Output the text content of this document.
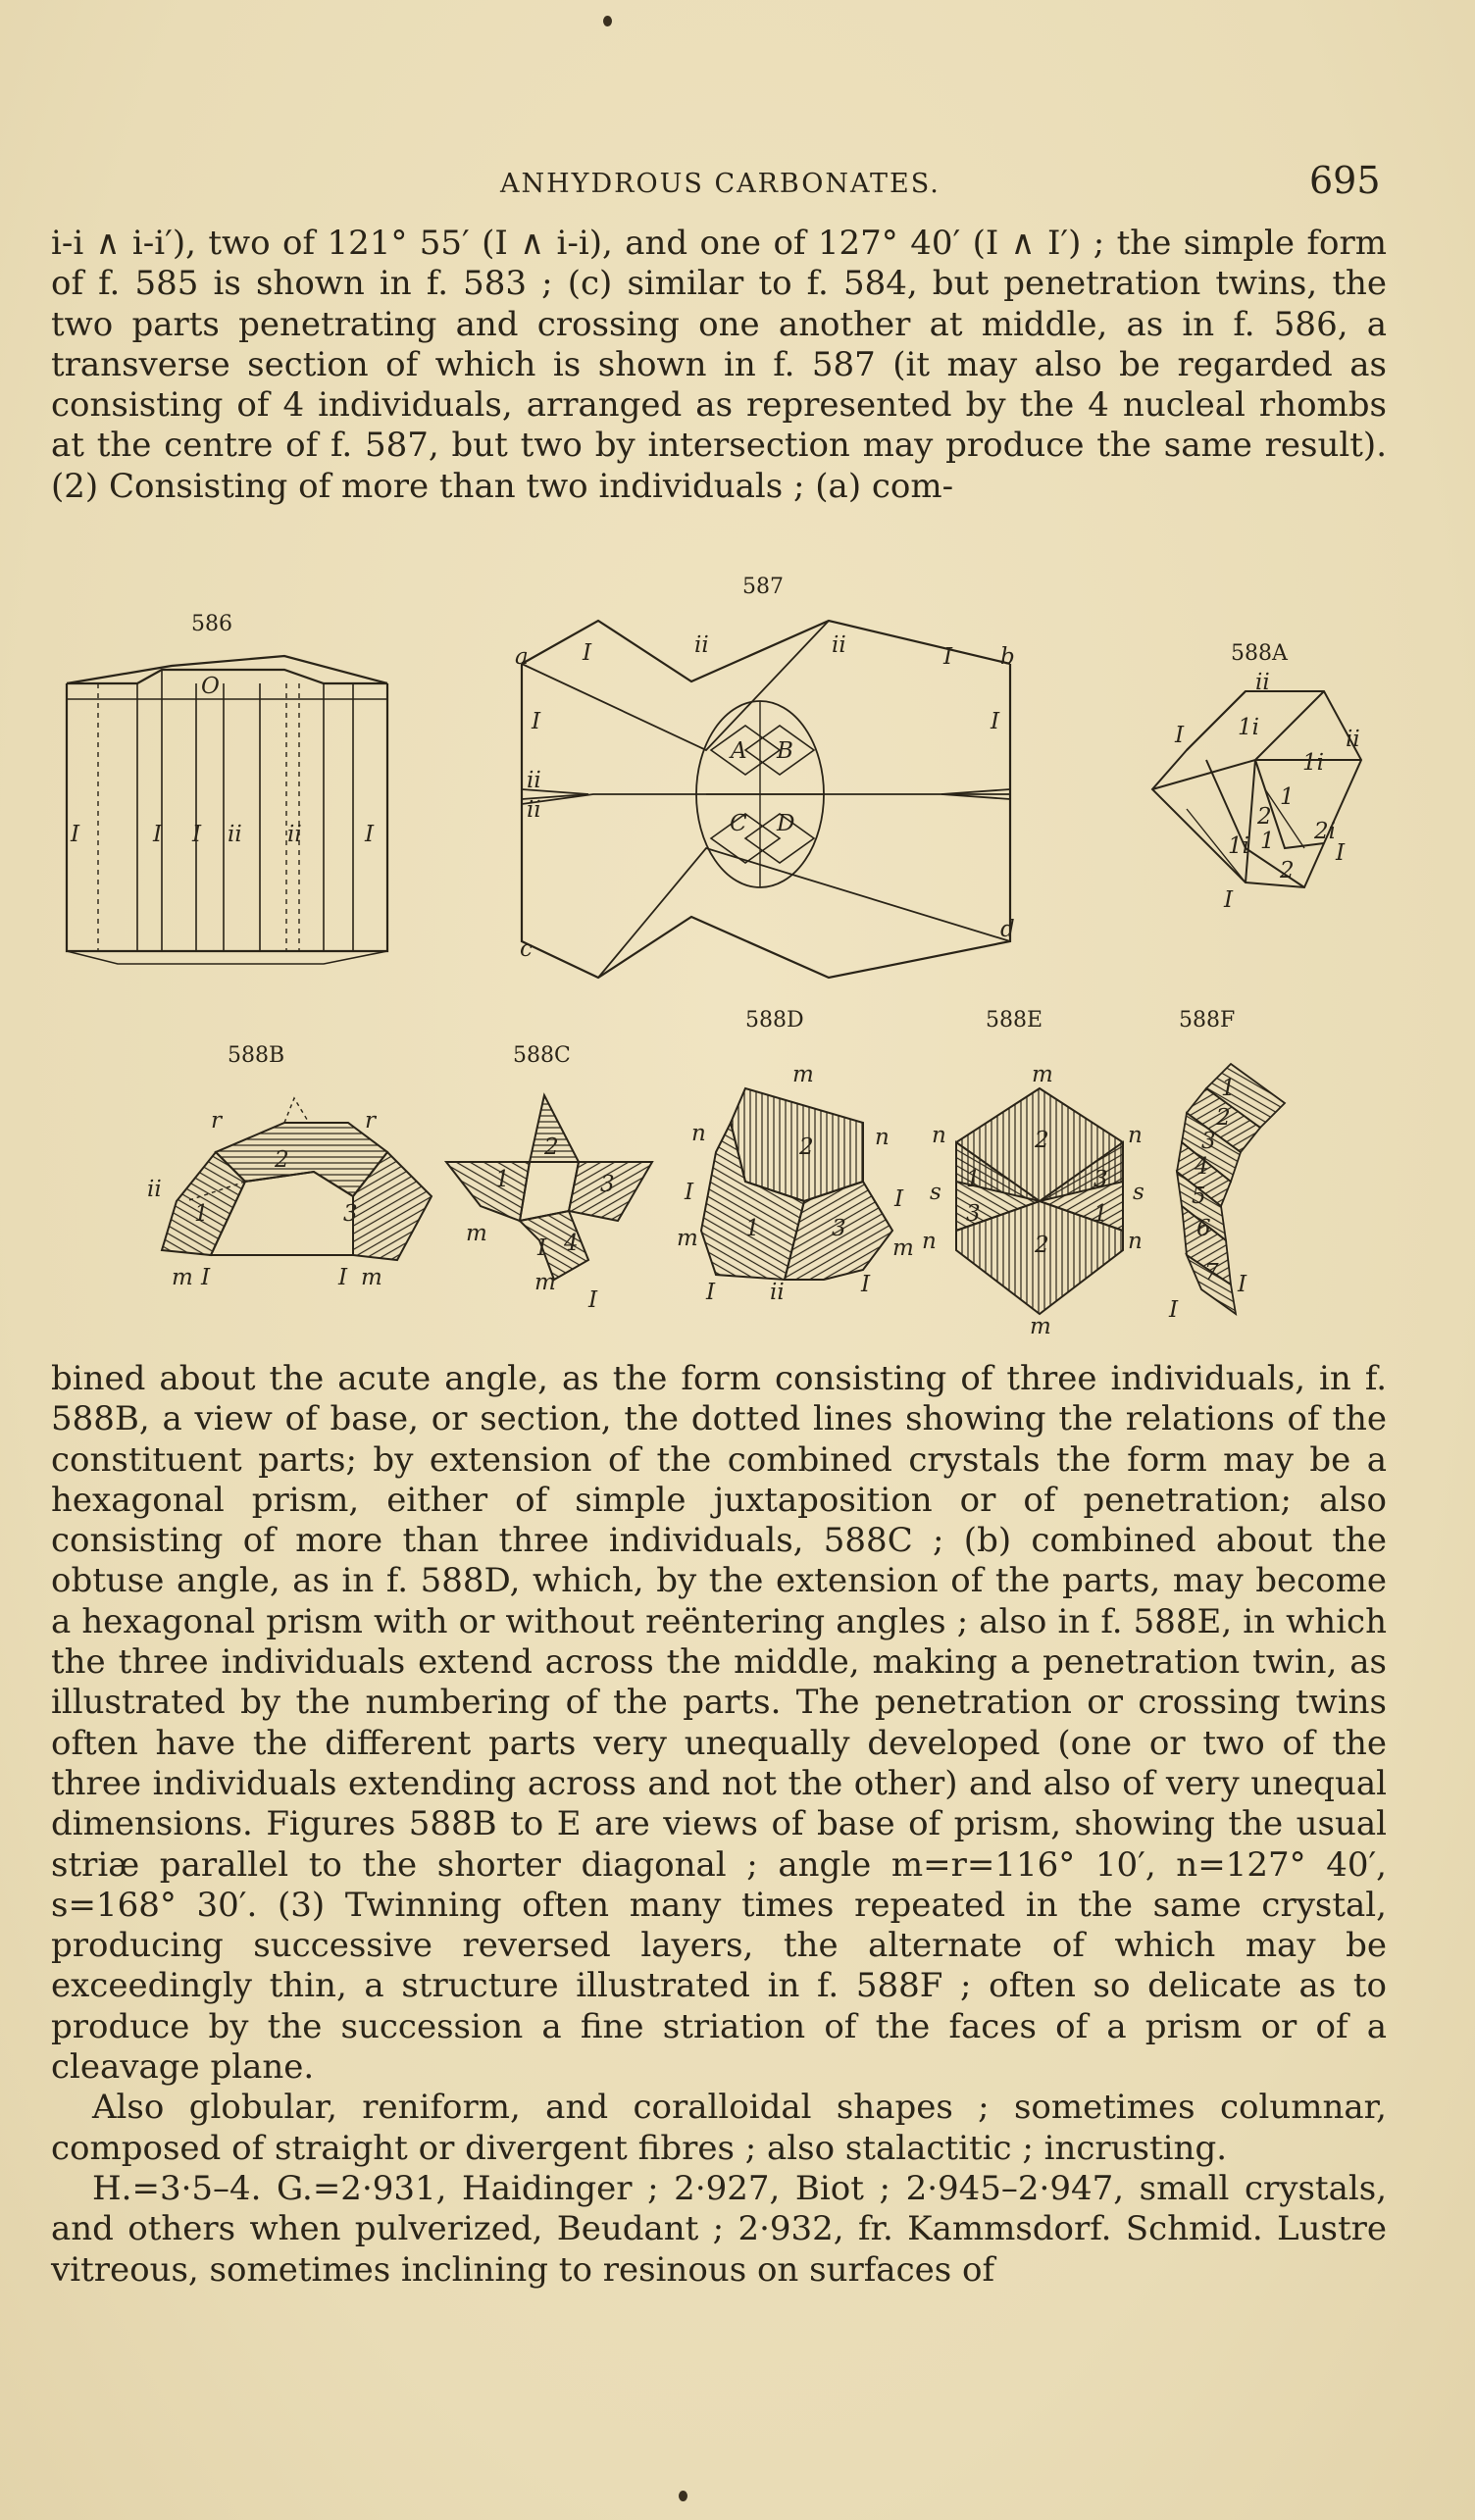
ANHYDROUS CARBONATES.	695

i-i ∧ i-i′), two of 121° 55′ (I ∧ i-i), and one of 127° 40′ (I ∧ I′) ; the simple form of f. 585 is shown in f. 583 ; (c) similar to f. 584, but penetration twins, the two parts penetrating and crossing one another at middle, as in f. 586, a transverse section of which is shown in f. 587 (it may also be regarded as consisting of 4 individuals, arranged as represented by the 4 nucleal rhombs at the centre of f. 587, but two by intersection may produce the same result). (2) Consisting of more than two individuals ; (a) com-

586
O
I	I I ii ii	I
587
a I	ii	ii	I b
I	I
ii
ii
A B
C D
c
d
588A
ii
I 1i
1i
ii
1
2
1i
2i
1
2
I
I
588B
r	r
2
ii
1	3
m I	I m
588C
2
1	3
m
I 4
m
I
588D
m
n
2	n
I
1	3
I
m	m
I ii	I
588E
m
n	2	n
1	3
s	s
3	1
n	n
2
m
588F
1
2
3
4
5
6
7 I
I

bined about the acute angle, as the form consisting of three individuals, in f. 588B, a view of base, or section, the dotted lines showing the relations of the constituent parts; by extension of the combined crystals the form may be a hexagonal prism, either of simple juxtaposition or of penetration; also consisting of more than three individuals, 588C ; (b) combined about the obtuse angle, as in f. 588D, which, by the extension of the parts, may become a hexagonal prism with or without reëntering angles ; also in f. 588E, in which the three individuals extend across the middle, making a penetration twin, as illustrated by the numbering of the parts. The penetration or crossing twins often have the different parts very unequally developed (one or two of the three individuals extending across and not the other) and also of very unequal dimensions. Figures 588B to E are views of base of prism, showing the usual striæ parallel to the shorter diagonal ; angle m=r=116° 10′, n=127° 40′, s=168° 30′. (3) Twinning often many times repeated in the same crystal, producing successive reversed layers, the alternate of which may be exceedingly thin, a structure illustrated in f. 588F ; often so delicate as to produce by the succession a fine striation of the faces of a prism or of a cleavage plane.

Also globular, reniform, and coralloidal shapes ; sometimes columnar, composed of straight or divergent fibres ; also stalactitic ; incrusting.

H.=3·5–4. G.=2·931, Haidinger ; 2·927, Biot ; 2·945–2·947, small crystals, and others when pulverized, Beudant ; 2·932, fr. Kammsdorf. Schmid. Lustre vitreous, sometimes inclining to resinous on surfaces of
